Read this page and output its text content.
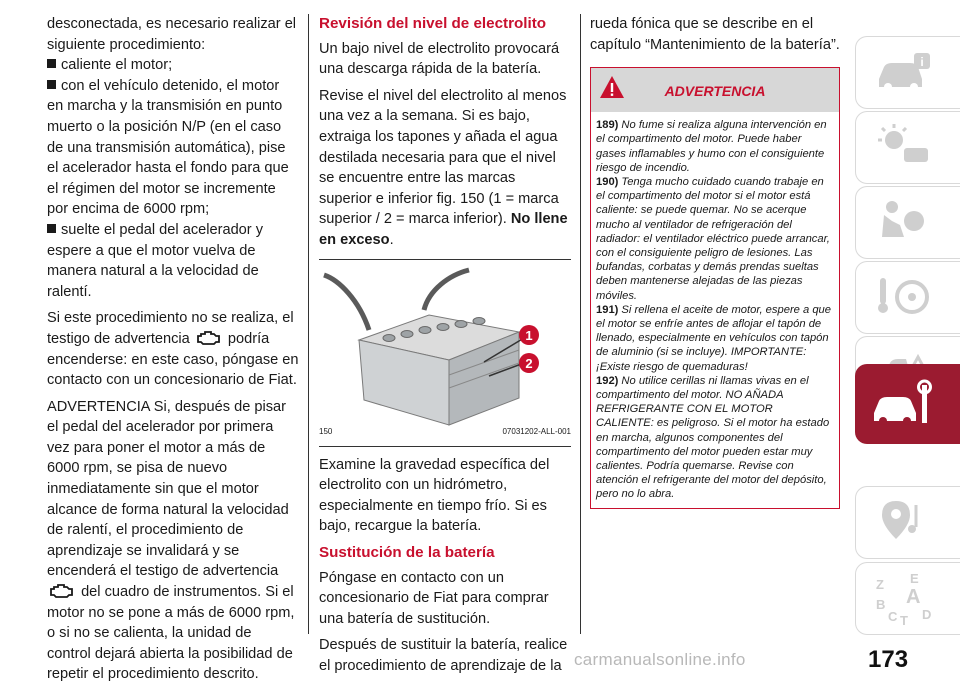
desconectada, es necesario realizar el siguiente procedimiento:

caliente el motor;
con el vehículo detenido, el motor en marcha y la transmisión en punto muerto o la posición N/P (en el caso de una transmisión automática), pise el acelerador hasta el fondo para que el régimen del motor se incremente por encima de 6000 rpm;
suelte el pedal del acelerador y espere a que el motor vuelva de manera natural a la velocidad de ralentí.

Si este procedimiento no se realiza, el testigo de advertencia	podría encenderse: en este caso, póngase en contacto con un concesionario de Fiat.

ADVERTENCIA Si, después de pisar el pedal del acelerador por primera vez para poner el motor a más de 6000 rpm, se pisa de nuevo inmediatamente sin que el motor alcance de forma natural la velocidad de ralentí, el procedimiento de aprendizaje se invalidará y se encenderá el testigo de advertencia
del cuadro de instrumentos. Si el motor no se pone a más de 6000 rpm, o si no se calienta, la unidad de control dejará abierta la posibilidad de repetir el procedimiento descrito.

Revisión del nivel de electrolito

Un bajo nivel de electrolito provocará una descarga rápida de la batería.

Revise el nivel del electrolito al menos una vez a la semana. Si es bajo, extraiga los tapones y añada el agua destilada necesaria para que el nivel se encuentre entre las marcas superior e inferior fig. 150 (1 = marca superior / 2 = marca inferior). No llene en exceso.

1
2
150	07031202-ALL-001

Examine la gravedad específica del electrolito con un hidrómetro, especialmente en tiempo frío. Si es bajo, recargue la batería.

Sustitución de la batería

Póngase en contacto con un concesionario de Fiat para comprar una batería de sustitución.

Después de sustituir la batería, realice el procedimiento de aprendizaje de la

rueda fónica que se describe en el capítulo “Mantenimiento de la batería”.

ADVERTENCIA
189) No fume si realiza alguna intervención en el compartimento del motor. Puede haber gases inflamables y humo con el consiguiente riesgo de incendio.
190) Tenga mucho cuidado cuando trabaje en el compartimento del motor si el motor está caliente: se puede quemar. No se acerque mucho al ventilador de refrigeración del radiador: el ventilador eléctrico puede arrancar, con el consiguiente peligro de lesiones. Las bufandas, corbatas y demás prendas sueltas deben mantenerse alejadas de las piezas móviles.
191) Si rellena el aceite de motor, espere a que el motor se enfríe antes de aflojar el tapón de llenado, especialmente en vehículos con tapón de aluminio (si se incluye). IMPORTANTE: ¡Existe riesgo de quemaduras!
192) No utilice cerillas ni llamas vivas en el compartimento del motor. NO AÑADA REFRIGERANTE CON EL MOTOR CALIENTE: es peligroso. Si el motor ha estado en marcha, algunos componentes del compartimento del motor pueden estar muy calientes. Podría quemarse. Revise con atención el refrigerante del motor del depósito, pero no lo abra.
i
Z E
B A
C T D
carmanualsonline.info	173
